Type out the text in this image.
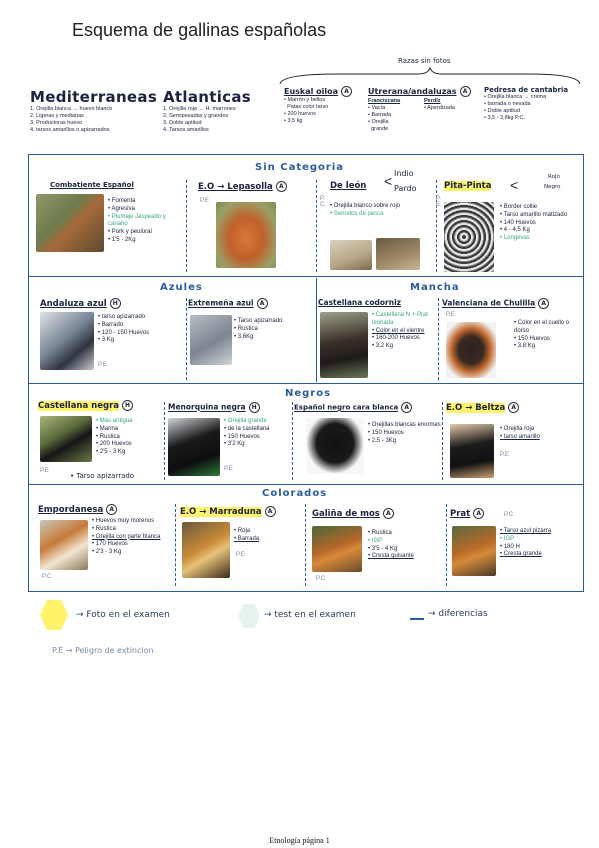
Esquema de gallinas españolas
Razas sin fotos
Mediterraneas
1. Orejilla blanca → huevo blanco
2. Ligeras y medianas
3. Productoras huevo
4. tarsos amarillos o apizarrados
Atlanticas
1. Orejilla roja → H. marrones
2. Semipesadas y grandes
3. Doble aptitud
4. Tarsos amarillos
Euskal oiloa A
• Marrón y bellos
Patas color tarso
• 200 huevos
• 3,5 kg
Utrerana/andaluzas A
Franciscana
• Vacía
• Barrada
• Orejilla
grande
Perdiz
• Aperdizada
Pedresa de cantabria
• Orejilla blanca → crema
• barrada o nevada
• Doble aptitud
• 3,5 - 3,8kg P.C.
Sin Categoria
Azules	Mancha
Negros
Colorados
Combatiente Español
• Fomenta
• Agresiva
• Plumaje Jaspeado y canario
• Pork y peuloral
• 1'5 - 2Kg
E.O → Lepasolla A
P.E
De león
Indio
Pardo
<
P.
C.	• Orejilla blanco sobre rojo
• Senudos de pesca
Pita-Pinta <	Rojo
Negro
P.
E.	• Border collie
• Tarso amarillo matizado
• 140 Huevos
• 4 - 4,5 Kg
• Longevas
Andaluza azul H
• tarso apizarrado
• Barrado
• 120 - 150 Huevos
• 3 Kg
P.E
Extremeña azul A
• Tarso apizarrado
• Rustica
• 3,6Kg
Castellana codorniz
• Castellana N + Prat leonada
• Color en el vientre
• 160-200 Huevos
• 3,2 Kg
Valenciana de Chulilla A
P.E
• Color en el cuello o dorso
• 150 Huevos
• 3,8 Kg
Castellana negra H
• Mas antigua
• Marina
• Rustica
• 200 Huevos
• 2'5 - 3 Kg
P.E
• Tarso apizarrado
Menorquina negra H
• Orejilla grande
• de la castellana
• 150 Huevos
• 3'2 Kg
P.E
Español negro cara blanca A
• Orejillas blancas enormes
• 150 Huevos
• 2,5 - 3Kg
E.O → Beltza A
• Orejilla roja
• tarso amarillo
P.E
Empordanesa A
• Huevos muy morenos
• Rustica
• Orejilla con parte blanca
• 170 Huevos
• 2'3 - 3 Kg
P.C
E.O → Marraduna A
• Roja
• Barrada
P.E
Galiña de mos A
• Rustica
• IGP
• 3'5 - 4 Kg
• Cresta guisante
P.C
Prat A	P.C
• Tarso azul pizarra
• IGP
• 180 H
• Cresta grande
→ Foto en el examen	→ test en el examen	→ diferencias
P.E → Peligro de extincion
Etnología página 1
